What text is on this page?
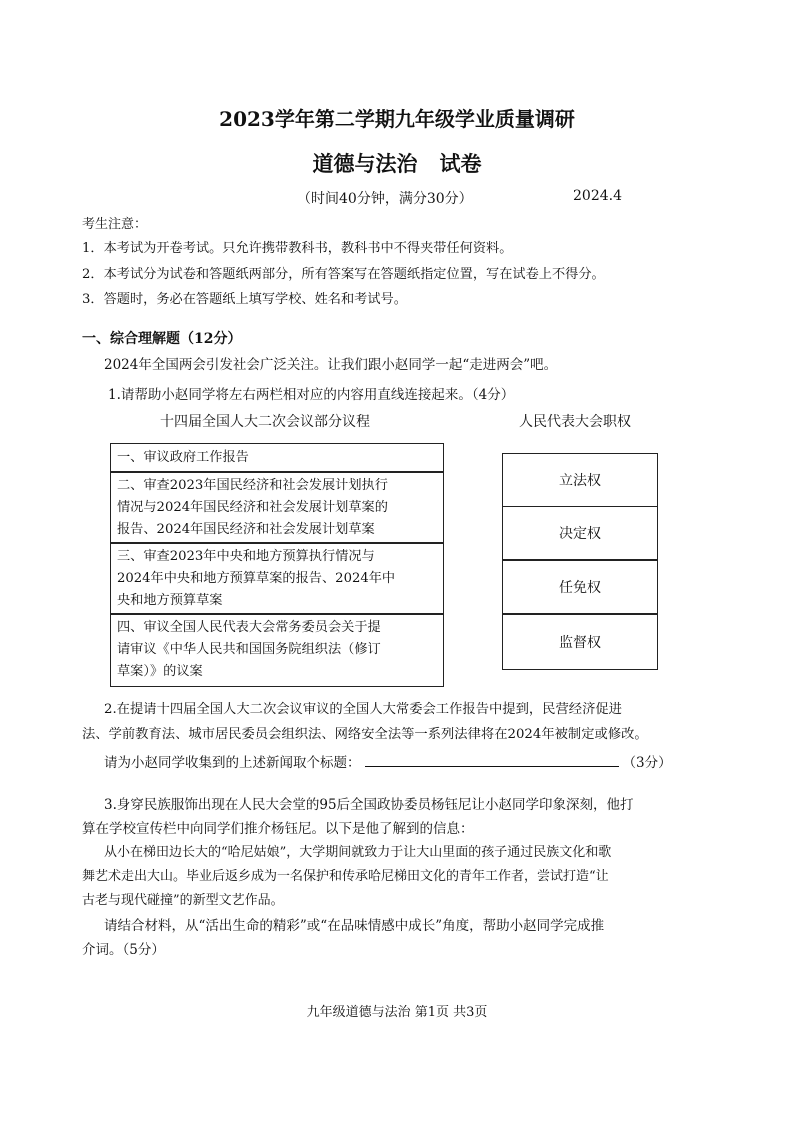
2023学年第二学期九年级学业质量调研
道德与法治 试卷
（时间40分钟，满分30分）	2024.4
考生注意：
1．本考试为开卷考试。只允许携带教科书，教科书中不得夹带任何资料。
2．本考试分为试卷和答题纸两部分，所有答案写在答题纸指定位置，写在试卷上不得分。
3．答题时，务必在答题纸上填写学校、姓名和考试号。
一、综合理解题（12分）
2024年全国两会引发社会广泛关注。让我们跟小赵同学一起“走进两会”吧。
1.请帮助小赵同学将左右两栏相对应的内容用直线连接起来。（4分）
十四届全国人大二次会议部分议程	人民代表大会职权
一、审议政府工作报告
二、审查2023年国民经济和社会发展计划执行
情况与2024年国民经济和社会发展计划草案的
报告、2024年国民经济和社会发展计划草案
三、审查2023年中央和地方预算执行情况与
2024年中央和地方预算草案的报告、2024年中
央和地方预算草案
四、审议全国人民代表大会常务委员会关于提
请审议《中华人民共和国国务院组织法（修订
草案）》的议案
立法权
决定权
任免权
监督权
2.在提请十四届全国人大二次会议审议的全国人大常委会工作报告中提到，民营经济促进
法、学前教育法、城市居民委员会组织法、网络安全法等一系列法律将在2024年被制定或修改。
请为小赵同学收集到的上述新闻取个标题：	（3分）
3.身穿民族服饰出现在人民大会堂的95后全国政协委员杨钰尼让小赵同学印象深刻，他打
算在学校宣传栏中向同学们推介杨钰尼。以下是他了解到的信息：
从小在梯田边长大的“哈尼姑娘”，大学期间就致力于让大山里面的孩子通过民族文化和歌
舞艺术走出大山。毕业后返乡成为一名保护和传承哈尼梯田文化的青年工作者，尝试打造“让
古老与现代碰撞”的新型文艺作品。
请结合材料，从“活出生命的精彩”或“在品味情感中成长”角度，帮助小赵同学完成推
介词。（5分）
九年级道德与法治 第1页 共3页
